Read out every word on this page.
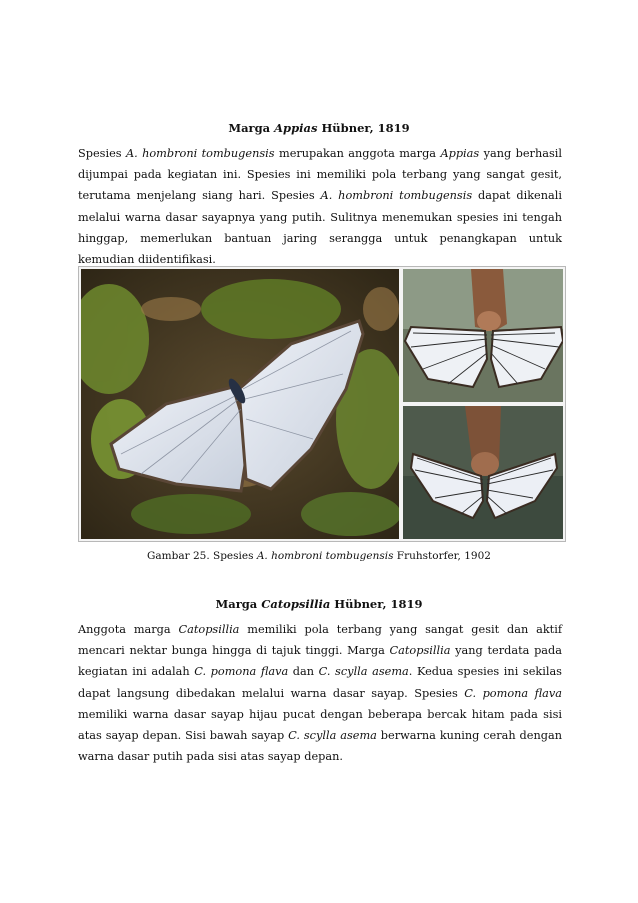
Marga Appias Hübner, 1819
Spesies A. hombroni tombugensis merupakan anggota marga Appias yang berhasil dijumpai pada kegiatan ini. Spesies ini memiliki pola terbang yang sangat gesit, terutama menjelang siang hari. Spesies A. hombroni tombugensis dapat dikenali melalui warna dasar sayapnya yang putih. Sulitnya menemukan spesies ini tengah hinggap, memerlukan bantuan jaring serangga untuk penangkapan untuk kemudian diidentifikasi.
Gambar 25. Spesies A. hombroni tombugensis Fruhstorfer, 1902
Marga Catopsillia Hübner, 1819
Anggota marga Catopsillia memiliki pola terbang yang sangat gesit dan aktif mencari nektar bunga hingga di tajuk tinggi. Marga Catopsillia yang terdata pada kegiatan ini adalah C. pomona flava dan C. scylla asema. Kedua spesies ini sekilas dapat langsung dibedakan melalui warna dasar sayap. Spesies C. pomona flava memiliki warna dasar sayap hijau pucat dengan beberapa bercak hitam pada sisi atas sayap depan. Sisi bawah sayap C. scylla asema berwarna kuning cerah dengan warna dasar putih pada sisi atas sayap depan.
